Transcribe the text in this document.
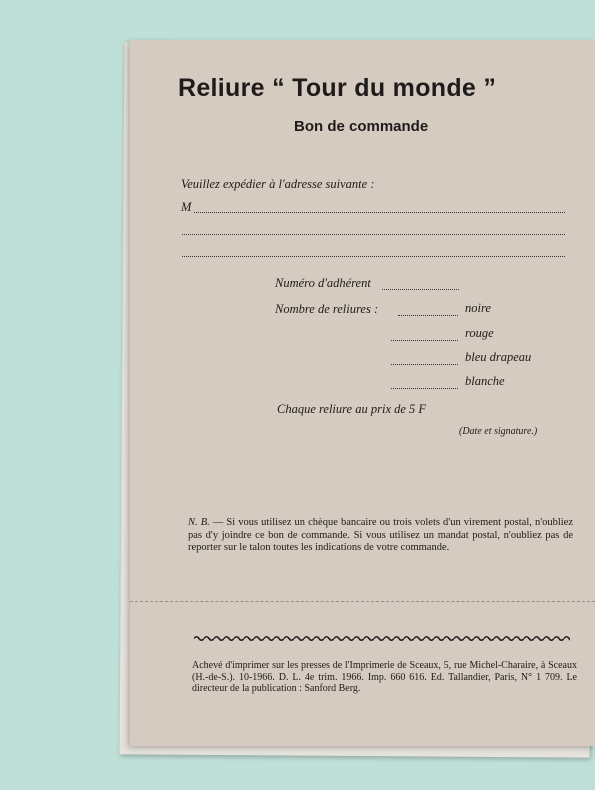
Reliure “ Tour du monde ”
Bon de commande
Veuillez expédier à l'adresse suivante :
M
Numéro d'adhérent
Nombre de reliures :	noire
rouge
bleu drapeau
blanche
Chaque reliure au prix de 5 F
(Date et signature.)
N. B. — Si vous utilisez un chèque bancaire ou trois volets d'un virement postal, n'oubliez pas d'y joindre ce bon de commande. Si vous utilisez un mandat postal, n'oubliez pas de reporter sur le talon toutes les indications de votre commande.
Achevé d'imprimer sur les presses de l'Imprimerie de Sceaux, 5, rue Michel-Charaire, à Sceaux (H.-de-S.). 10-1966. D. L. 4e trim. 1966. Imp. 660 616. Ed. Tallandier, Paris, N° 1 709. Le directeur de la publication : Sanford Berg.
